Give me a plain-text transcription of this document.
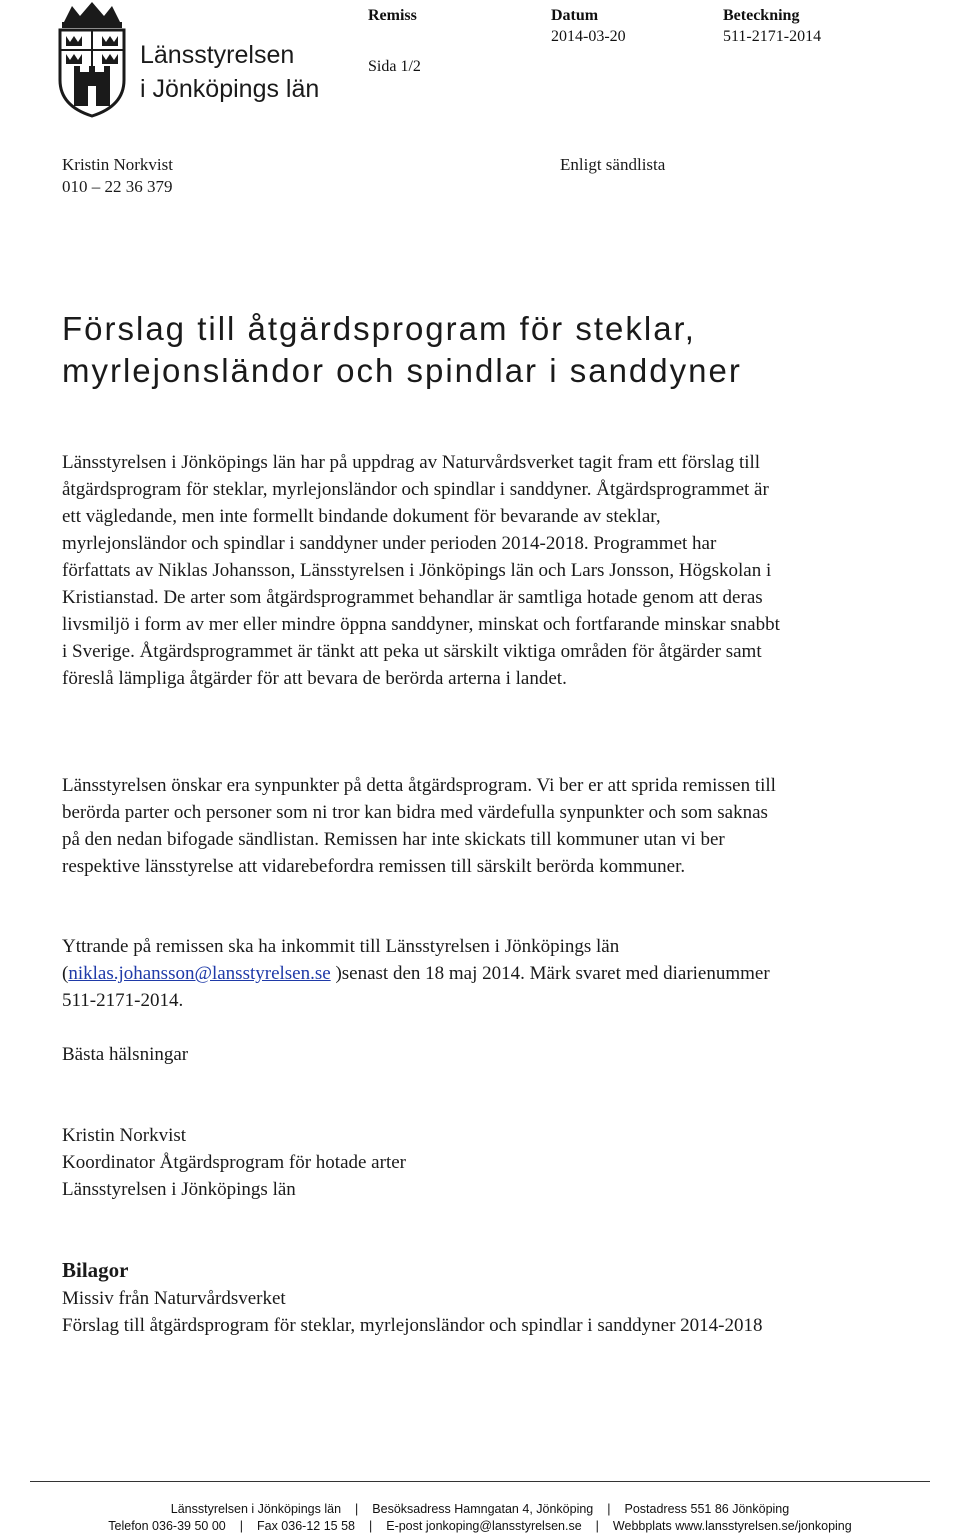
Länsstyrelsen
i Jönköpings län
Remiss
Sida 1/2
Datum
2014-03-20
Beteckning
511-2171-2014
Kristin Norkvist
010 – 22 36 379
Enligt sändlista
Förslag till åtgärdsprogram för steklar, myrlejonsländor och spindlar i sanddyner

Länsstyrelsen i Jönköpings län har på uppdrag av Naturvårdsverket tagit fram ett förslag till åtgärdsprogram för steklar, myrlejonsländor och spindlar i sanddyner. Åtgärdsprogrammet är ett vägledande, men inte formellt bindande dokument för bevarande av steklar, myrlejonsländor och spindlar i sanddyner under perioden 2014-2018. Programmet har författats av Niklas Johansson, Länsstyrelsen i Jönköpings län och Lars Jonsson, Högskolan i Kristianstad. De arter som åtgärdsprogrammet behandlar är samtliga hotade genom att deras livsmiljö i form av mer eller mindre öppna sanddyner, minskat och fortfarande minskar snabbt i Sverige. Åtgärdsprogrammet är tänkt att peka ut särskilt viktiga områden för åtgärder samt föreslå lämpliga åtgärder för att bevara de berörda arterna i landet.

Länsstyrelsen önskar era synpunkter på detta åtgärdsprogram. Vi ber er att sprida remissen till berörda parter och personer som ni tror kan bidra med värdefulla synpunkter och som saknas på den nedan bifogade sändlistan. Remissen har inte skickats till kommuner utan vi ber respektive länsstyrelse att vidarebefordra remissen till särskilt berörda kommuner.

Yttrande på remissen ska ha inkommit till Länsstyrelsen i Jönköpings län (niklas.johansson@lansstyrelsen.se )senast den 18 maj 2014. Märk svaret med diarienummer 511-2171-2014.

Bästa hälsningar

Kristin Norkvist
Koordinator Åtgärdsprogram för hotade arter
Länsstyrelsen i Jönköpings län
Bilagor
Missiv från Naturvårdsverket
Förslag till åtgärdsprogram för steklar, myrlejonsländor och spindlar i sanddyner 2014-2018
Länsstyrelsen i Jönköpings län | Besöksadress Hamngatan 4, Jönköping | Postadress 551 86 Jönköping
Telefon 036-39 50 00 | Fax 036-12 15 58 | E-post jonkoping@lansstyrelsen.se | Webbplats www.lansstyrelsen.se/jonkoping
